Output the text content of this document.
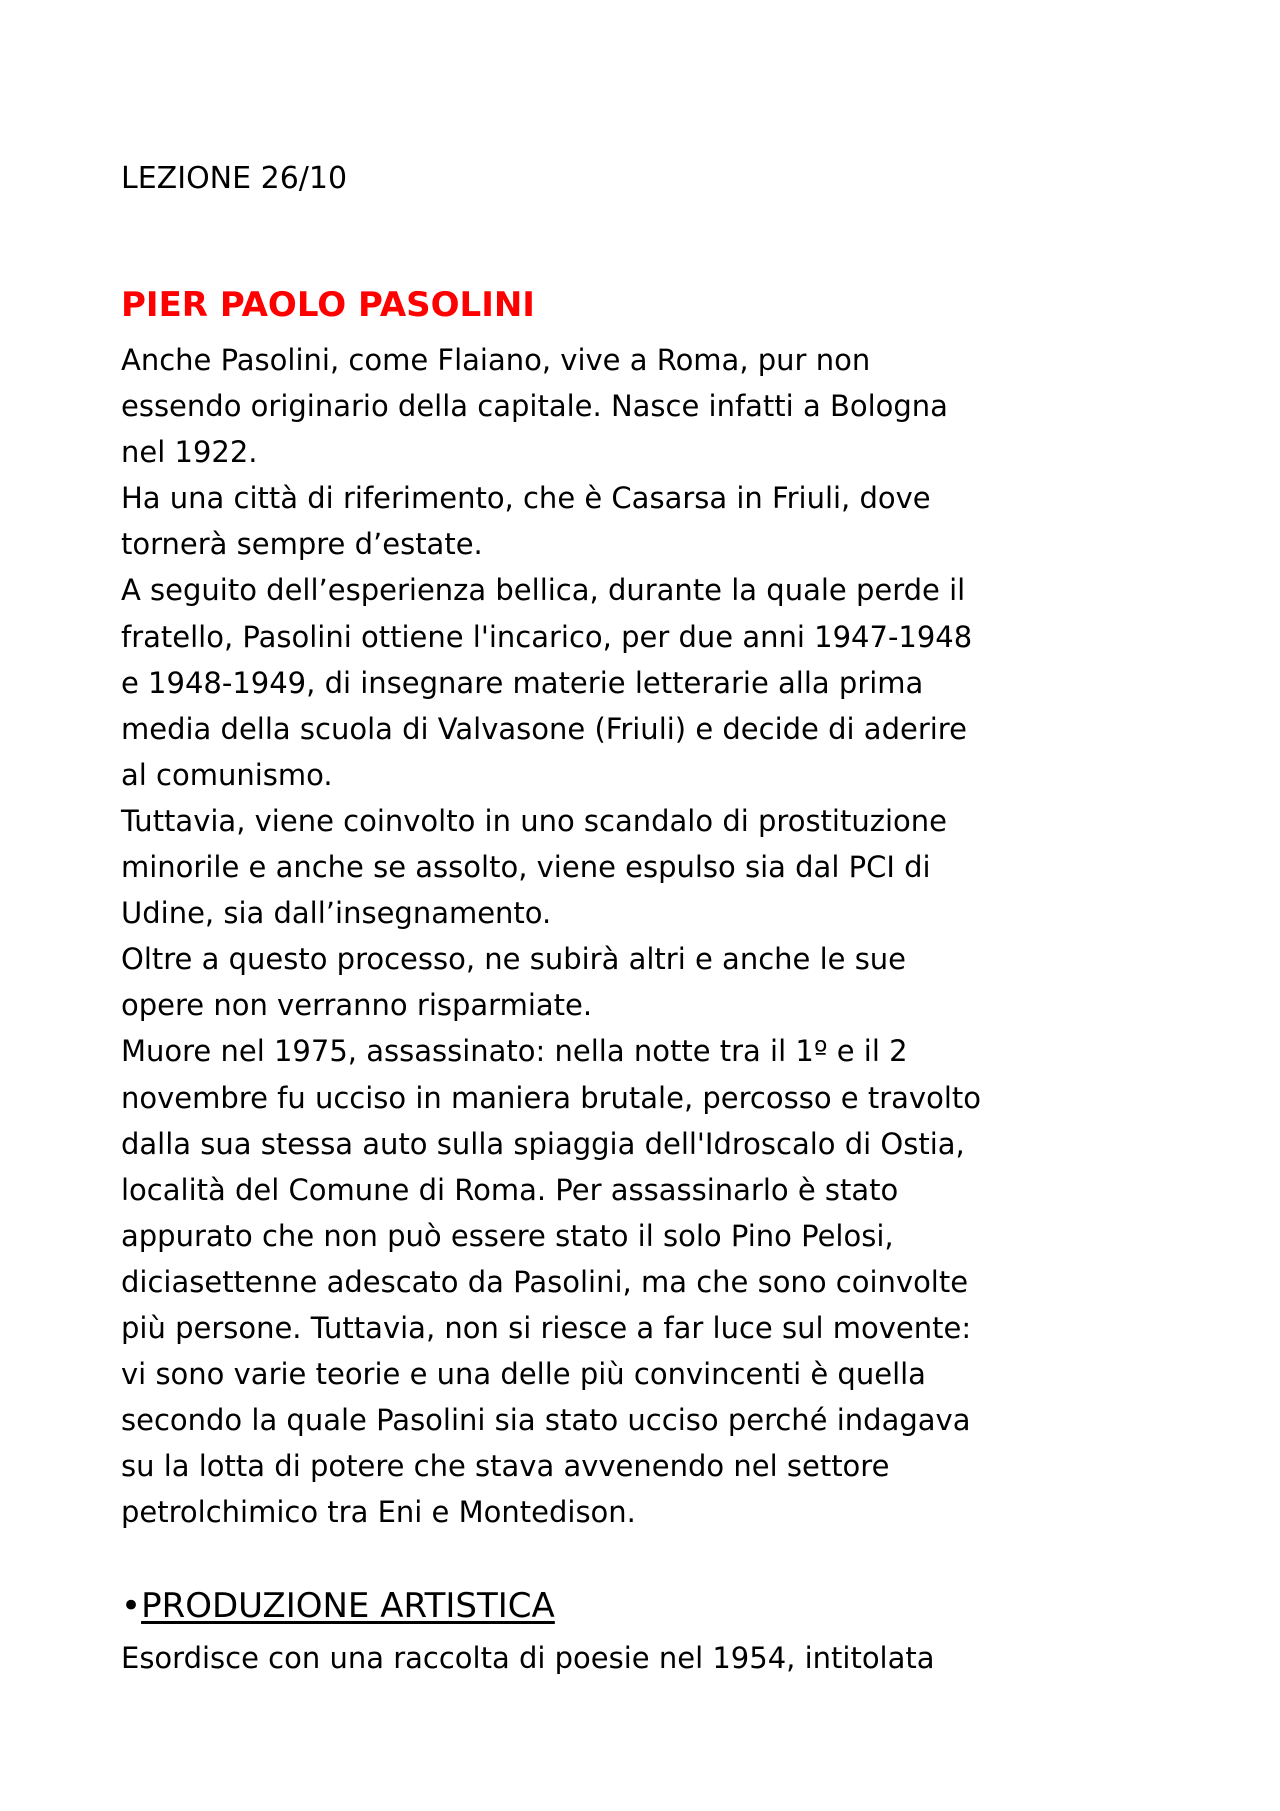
LEZIONE 26/10
PIER PAOLO PASOLINI
Anche Pasolini, come Flaiano, vive a Roma, pur non
essendo originario della capitale. Nasce infatti a Bologna
nel 1922.
Ha una città di riferimento, che è Casarsa in Friuli, dove
tornerà sempre d’estate.
A seguito dell’esperienza bellica, durante la quale perde il
fratello, Pasolini ottiene l'incarico, per due anni 1947-1948
e 1948-1949, di insegnare materie letterarie alla prima
media della scuola di Valvasone (Friuli) e decide di aderire
al comunismo.
Tuttavia, viene coinvolto in uno scandalo di prostituzione
minorile e anche se assolto, viene espulso sia dal PCI di
Udine, sia dall’insegnamento.
Oltre a questo processo, ne subirà altri e anche le sue
opere non verranno risparmiate.
Muore nel 1975, assassinato: nella notte tra il 1º e il 2
novembre fu ucciso in maniera brutale, percosso e travolto
dalla sua stessa auto sulla spiaggia dell'Idroscalo di Ostia,
località del Comune di Roma. Per assassinarlo è stato
appurato che non può essere stato il solo Pino Pelosi,
diciasettenne adescato da Pasolini, ma che sono coinvolte
più persone. Tuttavia, non si riesce a far luce sul movente:
vi sono varie teorie e una delle più convincenti è quella
secondo la quale Pasolini sia stato ucciso perché indagava
su la lotta di potere che stava avvenendo nel settore
petrolchimico tra Eni e Montedison.
•PRODUZIONE ARTISTICA
Esordisce con una raccolta di poesie nel 1954, intitolata
